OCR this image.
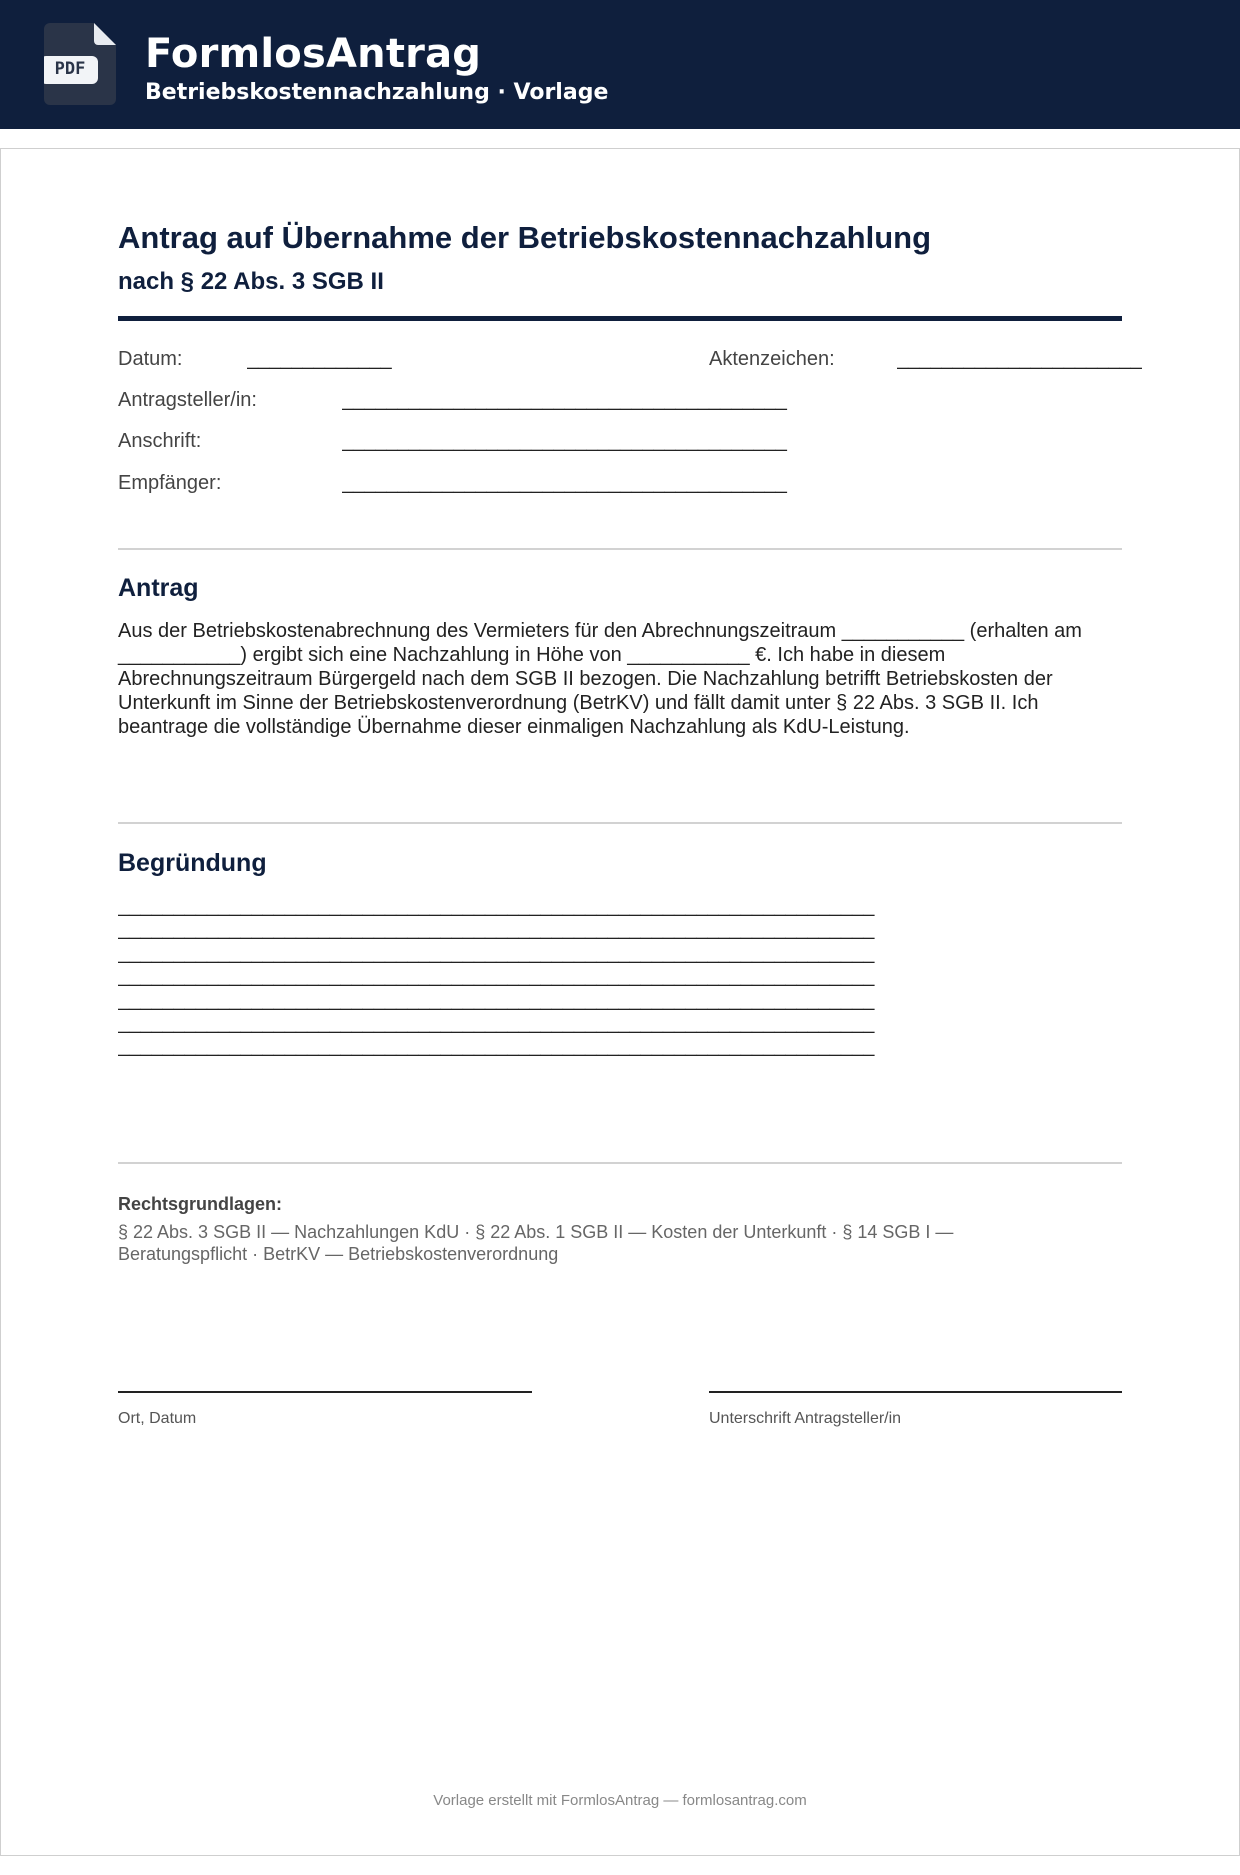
PDF FormlosAntrag
Betriebskostennachzahlung · Vorlage
Antrag auf Übernahme der Betriebskostennachzahlung
nach § 22 Abs. 3 SGB II
Datum:	_____________	Aktenzeichen:	______________________
Antragsteller/in:	________________________________________
Anschrift:	________________________________________
Empfänger:	________________________________________
Antrag
Aus der Betriebskostenabrechnung des Vermieters für den Abrechnungszeitraum ___________ (erhalten am ___________) ergibt sich eine Nachzahlung in Höhe von ___________ €. Ich habe in diesem Abrechnungszeitraum Bürgergeld nach dem SGB II bezogen. Die Nachzahlung betrifft Betriebskosten der Unterkunft im Sinne der Betriebskostenverordnung (BetrKV) und fällt damit unter § 22 Abs. 3 SGB II. Ich beantrage die vollständige Übernahme dieser einmaligen Nachzahlung als KdU-Leistung.
Begründung
____________________________________________________________________
____________________________________________________________________
____________________________________________________________________
____________________________________________________________________
____________________________________________________________________
____________________________________________________________________
____________________________________________________________________
Rechtsgrundlagen:
§ 22 Abs. 3 SGB II — Nachzahlungen KdU · § 22 Abs. 1 SGB II — Kosten der Unterkunft · § 14 SGB I — Beratungspflicht · BetrKV — Betriebskostenverordnung
Ort, Datum	Unterschrift Antragsteller/in
Vorlage erstellt mit FormlosAntrag — formlosantrag.com
